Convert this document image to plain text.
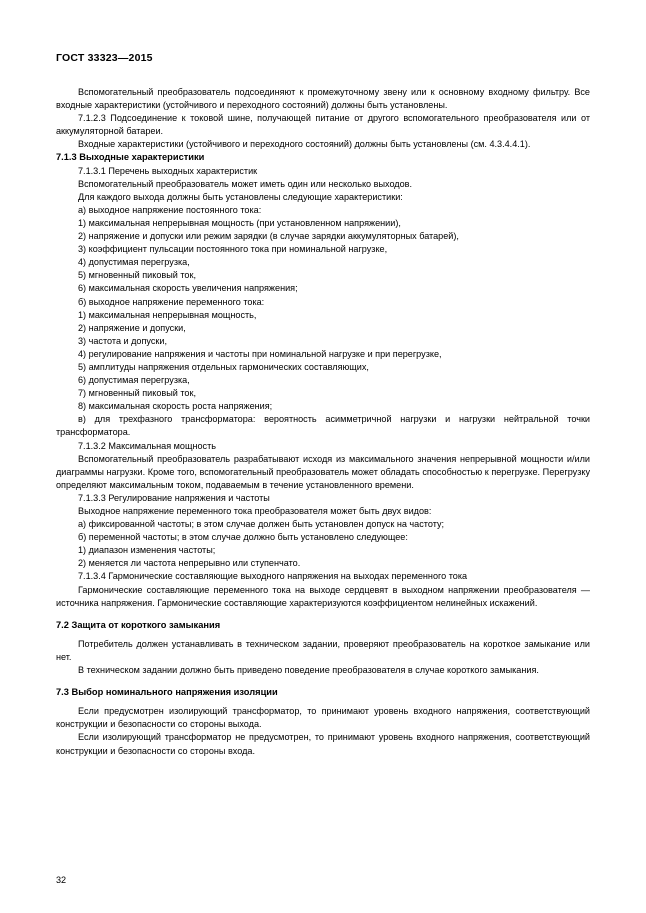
ГОСТ 33323—2015

Вспомогательный преобразователь подсоединяют к промежуточному звену или к основному входному фильтру. Все входные характеристики (устойчивого и переходного состояний) должны быть установлены.

7.1.2.3 Подсоединение к токовой шине, получающей питание от другого вспомогательного преобразователя или от аккумуляторной батареи.

Входные характеристики (устойчивого и переходного состояний) должны быть установлены (см. 4.3.4.4.1).

7.1.3 Выходные характеристики

7.1.3.1 Перечень выходных характеристик

Вспомогательный преобразователь может иметь один или несколько выходов.

Для каждого выхода должны быть установлены следующие характеристики:

а) выходное напряжение постоянного тока:

1) максимальная непрерывная мощность (при установленном напряжении),

2) напряжение и допуски или режим зарядки (в случае зарядки аккумуляторных батарей),

3) коэффициент пульсации постоянного тока при номинальной нагрузке,

4) допустимая перегрузка,

5) мгновенный пиковый ток,

6) максимальная скорость увеличения напряжения;

б) выходное напряжение переменного тока:

1) максимальная непрерывная мощность,

2) напряжение и допуски,

3) частота и допуски,

4) регулирование напряжения и частоты при номинальной нагрузке и при перегрузке,

5) амплитуды напряжения отдельных гармонических составляющих,

6) допустимая перегрузка,

7) мгновенный пиковый ток,

8) максимальная скорость роста напряжения;

в) для трехфазного трансформатора: вероятность асимметричной нагрузки и нагрузки нейтральной точки трансформатора.

7.1.3.2 Максимальная мощность

Вспомогательный преобразователь разрабатывают исходя из максимального значения непрерывной мощности и/или диаграммы нагрузки. Кроме того, вспомогательный преобразователь может обладать способностью к перегрузке. Перегрузку определяют максимальным током, подаваемым в течение установленного времени.

7.1.3.3 Регулирование напряжения и частоты

Выходное напряжение переменного тока преобразователя может быть двух видов:

а) фиксированной частоты; в этом случае должен быть установлен допуск на частоту;

б) переменной частоты; в этом случае должно быть установлено следующее:

1) диапазон изменения частоты;

2) меняется ли частота непрерывно или ступенчато.

7.1.3.4 Гармонические составляющие выходного напряжения на выходах переменного тока

Гармонические составляющие переменного тока на выходе сердцевят в выходном напряжении преобразователя — источника напряжения. Гармонические составляющие характеризуются коэффициентом нелинейных искажений.

7.2 Защита от короткого замыкания

Потребитель должен устанавливать в техническом задании, проверяют преобразователь на короткое замыкание или нет.

В техническом задании должно быть приведено поведение преобразователя в случае короткого замыкания.

7.3 Выбор номинального напряжения изоляции

Если предусмотрен изолирующий трансформатор, то принимают уровень входного напряжения, соответствующий конструкции и безопасности со стороны выхода.

Если изолирующий трансформатор не предусмотрен, то принимают уровень входного напряжения, соответствующий конструкции и безопасности со стороны входа.

32
